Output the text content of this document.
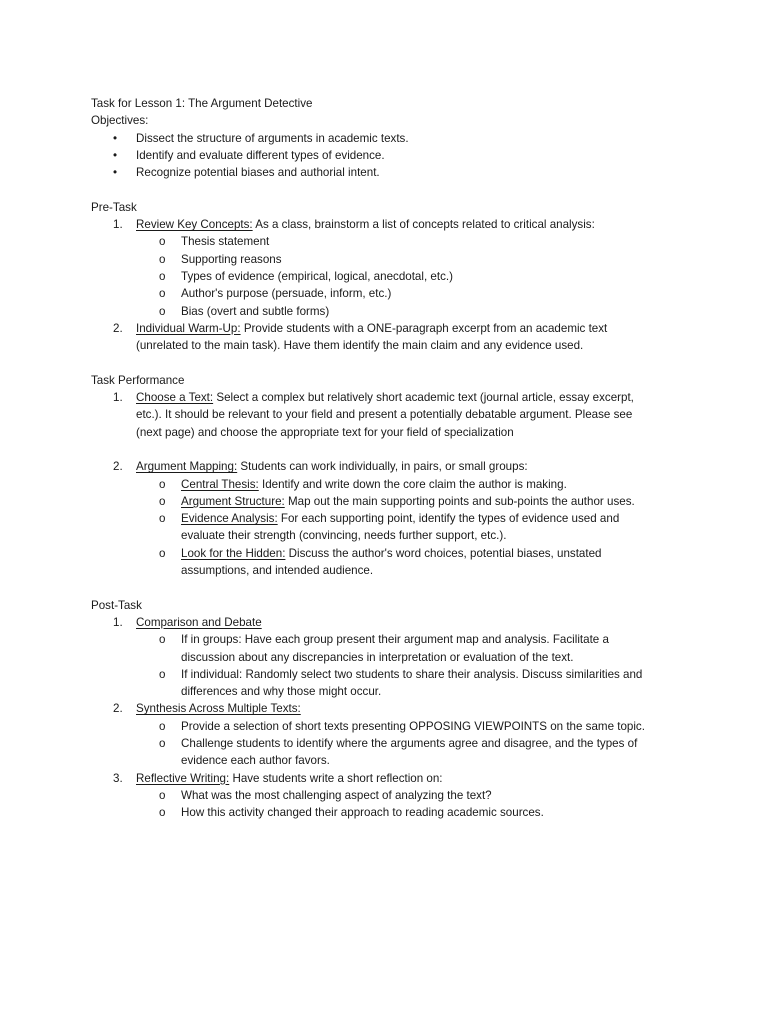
Task for Lesson 1: The Argument Detective
Objectives:
• Dissect the structure of arguments in academic texts.
• Identify and evaluate different types of evidence.
• Recognize potential biases and authorial intent.
Pre-Task
1. Review Key Concepts: As a class, brainstorm a list of concepts related to critical analysis:
o Thesis statement
o Supporting reasons
o Types of evidence (empirical, logical, anecdotal, etc.)
o Author's purpose (persuade, inform, etc.)
o Bias (overt and subtle forms)
2. Individual Warm-Up: Provide students with a ONE-paragraph excerpt from an academic text
(unrelated to the main task). Have them identify the main claim and any evidence used.
Task Performance
1. Choose a Text: Select a complex but relatively short academic text (journal article, essay excerpt,
etc.). It should be relevant to your field and present a potentially debatable argument. Please see
(next page) and choose the appropriate text for your field of specialization
2. Argument Mapping: Students can work individually, in pairs, or small groups:
o Central Thesis: Identify and write down the core claim the author is making.
o Argument Structure: Map out the main supporting points and sub-points the author uses.
o Evidence Analysis: For each supporting point, identify the types of evidence used and
evaluate their strength (convincing, needs further support, etc.).
o Look for the Hidden: Discuss the author's word choices, potential biases, unstated
assumptions, and intended audience.
Post-Task
1. Comparison and Debate
o If in groups: Have each group present their argument map and analysis. Facilitate a
discussion about any discrepancies in interpretation or evaluation of the text.
o If individual: Randomly select two students to share their analysis. Discuss similarities and
differences and why those might occur.
2. Synthesis Across Multiple Texts:
o Provide a selection of short texts presenting OPPOSING VIEWPOINTS on the same topic.
o Challenge students to identify where the arguments agree and disagree, and the types of
evidence each author favors.
3. Reflective Writing: Have students write a short reflection on:
o What was the most challenging aspect of analyzing the text?
o How this activity changed their approach to reading academic sources.
